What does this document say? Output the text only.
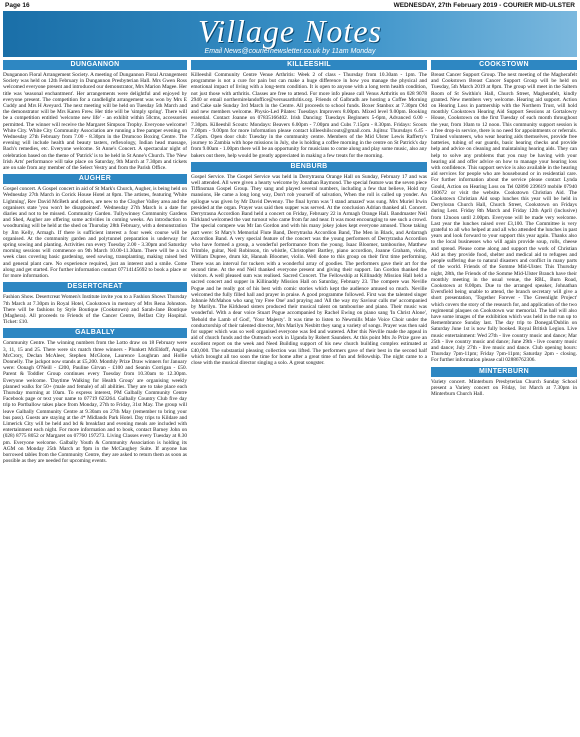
Page 16	WEDNESDAY, 27th February 2019 - COURIER MID-ULSTER
Village Notes
Email News@couriernewsletter.co.uk by 11am Monday
DUNGANNON

Dungannon Floral Arrangement Society. A meeting of Dungannon Floral Arrangement Society was held on 12th February in Dungannon Presbyterian Hall. Mrs Gwen Ross welcomed everyone present and introduced our demonstrator, Mrs Marion Magee. Her title was 'seasonal enchantment'. Her arrangements were delightful and enjoyed by everyone present. The competition for a candlelight arrangement was won by Mrs E Cuddy and Mrs H Aveyard. The next meeting will be held on Tuesday 5th March and the demonstrator will be Mrs Karen Frew. Her title will be 'simply spring'. There will be a competition entitled 'welcome new life' - an exhibit within 50cms, accessories permitted. The winner will receive the Margaret Simpson Trophy. Everyone welcome! White City. White City Community Association are running a free pamper evening on Wednesday 27th February from 7.00 - 8.30pm in the Drumcoo Boxing Centre. The evening will include health and beauty tasters, reflexology, Indian head massage, Bach's remedies, etc. Everyone welcome. St Anne's Concert. A spectacular night of celebration based on the theme of 'Patrick' is to be held in St Anne's Church. The 'New Irish Arts' performance will take place on Saturday, 9th March at 7.30pm and tickets are on sale from any member of the Select Vestry and from the Parish Office.

AUGHER

Gospel concert. A Gospel concert in aid of St Mark's Church, Augher, is being held on Wednesday 27th March in Corick House Hotel at 8pm. The artistes, featuring 'White Lightning', Rev David McBeth and others, are new to the Clogher Valley area and the organisers state 'you won't be disappointed'. Wednesday 27th March is a date for diaries and not to be missed. Community Garden. Tullywinney Community Gardens and Shed, Augher are offering some activities in coming weeks. An introduction to woodturning will be held at the shed on Thursday 28th February, with a demonstration by Jim Kelly, Armagh. If there is sufficient interest a four week course will be organised. At the community garden and polytunnel preparation is underway for spring sowing and planting. Activities run every Tuesday 2.00 - 3.30pm and Saturday morning sessions will commence on 9th March 10.00-11.30am. There will be a six week class covering basic gardening, seed sowing, transplanting, making raised bed and general plant care. No experience required, just an interest and a smile. Come along and get started. For further information contact 07714145692 to book a place or for more information.

DESERTCREAT

Fashion Show. Desertcreat Women's Institute invite you to a Fashion Shows Thursday 7th March at 7.30pm in Royal Hotel, Cookstown in memory of Mrs Rena Johnston. There will be fashions by Style Boutique (Cookstown) and Sarah-Jane Boutique (Maghera). All proceeds to Friends of the Cancer Centre, Belfast City Hospital. Ticket: £10.

GALBALLY

Community Centre. The winning numbers from the Lotto draw on 18 February were 3, 11, 15 and 25. There were six match three winners - Plunkett McEldoff, Angela McCrory, Declan McAleer, Stephen McGlone, Laurence Loughran and Hollie Donnelly. The jackpot now stands at £5,200. Monthly Prize Draw winners for January were: Oonagh O'Neill - £200, Pauline Girvan - £100 and Seanin Corrigan - £50. Parent & Toddler Group continues every Tuesday from 10.30am to 12.30pm. Everyone welcome. 'Daytime Walking for Health Group' are organising weekly planned walks for 50+ (male and female) of all abilities. They are to take place each Thursday morning at 10am. To express interest, PM Galbally Community Centre Facebook page or text your name to 07719 623264. Galbally Country Club five day trip to Portballow takes place from Monday, 27th to Friday, 31st May. The group will leave Galbally Community Centre at 9.30am on 27th May (remember to bring your bus pass). Guests are staying at the 4* Midlands Park Hotel. Day trips to Kildare and Limerick City will be held and bd & breakfast and evening meals are included with entertainment each night. For more information and to book, contact Barney John on (028) 8775 8052 or Margaret on 07760 197273. Living Classes every Tuesday at 8.30 pm. Everyone welcome. Galbally Youth & Community Association is holding its AGM on Monday 25th March at 9pm in the McCaughey Suite. If anyone has borrowed tables from the Community Centre, they are asked to return them as soon as possible as they are needed for upcoming events.

KILLEESHIL

Killeeshil Community Centre Venue Arthritis: Week 2 of class - Thursday from 10.30am - 1pm. The programme is not a cure for pain but can make a huge difference in how you manage the physical and emotional impact of living with a long-term condition. It is open to anyone with a long term health condition, not just those with arthritis. Classes are free to attend. For more info please call Venus Arthritis on 028 9078 2940 or email northernirelandoffice@versusarthritis.org. Friends of Galbradh are hosting a Coffee Morning and Cake sale Sunday 3rd March in the Centre. All proceeds to school funds. Boxer Stanbox at 7.30pm Old and new members welcome. Physio-Led Pilates: Tuesdays Improvers 8.00pm. Mixed level 9.00pm. Booking essential. Contact Joanne on 07835166402. Irish Dancing: Tuesdays Beginners 5-6pm, Advanced 6.00 - 7.30pm. Killeeshil Scouts: Mondays: Beavers 6.00pm - 7.00pm and Cubs 7.15pm - 8.30pm. Fridays: Scouts 7.00pm - 9.00pm for more information please contact killeeshilscouts@gmail.com. Jujitsu: Thursdays 6.45 - 7.45pm. Open door club: Tuesday in the community centre. Members of the Mid Ulster Lewis Rafferty's journey to Zambia with hope missions in July, she is holding a coffee morning in the centre on St Patrick's day from 9.00am - 1.00pm there will be an opportunity for musicians to come along and play some music, also any bakers out there, help would be greatly appreciated in making a few treats for the morning.

BENBURB

Gospel Service. The Gospel Service was held in Derrytrasna Orange Hall on Sunday, February 17 and was well attended. All were given a hearty welcome by Jonathan Raymond. The special feature was the seven piece Tiffinsman Gospel Group. They sang and played several numbers, including a few that believe, Hold my mansions, He came a long long way, Don't rob yourself of salvation, When the roll is called up yonder. An epilogue was given by Mr David Devenny. The final hymn was 'I stand amazed' was sung. Mrs Muriel Irwin presided at the organ. Prayer was said then supper was served. At the conclusion Adrian thanked all. Concert. Derrytrasna Accordion Band held a concert on Friday, February 22 in Armagh Orange Hall. Bandmaster Neil Kirkland welcomed the vast turnout who came from far and near. It was most encouraging to see such a crowd. The special compere was Mr Ian Gordon and with his many jokey jokes kept everyone amused. Those taking part were: St Mary's Memorial Flute Band, Derrytrasha Accordion Band, The Men in Black, and Ardarragh Accordion Band. A very special feature of the concert was the young performers of Derrytrasha Accordion who have formed a group, a wonderful performance from the young. Isaac Bloomer, tambourine, Matthew Trimble, guitar, Neil Robinson, tin whistle, Christopher Bartley, piano accordion, Joanne Graham, violin, William Dupree, drum kit, Hannah Bloomer, violin. Well done to this group on their first time performing. There was an interval for tuckers with a wonderful array of goodies. The performers gave their art for the second time. At the end Neil thanked everyone present and giving their support. Ian Gordon thanked the visitors. A well pleased sum was realised. Sacred Concert. The Fellowship at Killinaddy Mission Hall held a sacred concert and supper in Killinaddy Mission Hall on Saturday, February 23. The compere was Neville Pogue and he really got of his best with comic stories which kept the audience amused so much. Neville welcomed the fully filled hall and prayer in praise. A good programme followed. First was the talented singer Johnnie McMahon who sang 'my Free One' and praying and 'All the way my Saviour calls me' accompanied by Marilyn. The Kirkhead sisters produced their musical talent on tambourine and piano. Their music was wonderful. With a dear voice Stuart Pogue accompanied by Rachel Ewing on piano sang 'In Christ Alone', 'Behold the Lamb of God', 'Your Majesty'. It was time to listen to Newmills Male Voice Choir under the conductorship of their talented director, Mrs Marilyn Nesbitt they sang a variety of songs. Prayer was then said for supper which was so well organised everyone was fed and watered. After this Neville made the appeal in aid of church funds and the Outreach work in Uganda by Robert Saunders. At this point Mrs Jo Prize gave an excellent report on the week and Need Building support of his new church building complex estimated at £40,000. The substantial pleasing collection was lifted. The performers gave of their best in the second half which brought all too soon the time for home after a great time of fun and fellowship. The night came to a close with the musical director singing a solo. A great songster.

COOKSTOWN

Breast Cancer Support Group. The next meeting of the Magherafelt and Cookstown Breast Cancer Support Group will be held on Tuesday, 5th March 2019 at 8pm. The group will meet in the Saltern Room of St Swithin's Hall, Church Street, Magherafelt, kindly granted. New members very welcome. Hearing aid support. Action on Hearing Loss in partnership with the Northern Trust, will hold monthly Cookstown Hearing Aid Support Sessions at Gortalowry House, Cookstown on the first Tuesday of each month throughout the year, from 10am to 12 noon. This community support session is a free drop-in service, there is no need for appointments or referrals. Trained volunteers, who wear hearing aids themselves, provide free batteries, tubing of ear guards, basic hearing checks and provide help and advice on cleaning and maintaining hearing aids. They can help to solve any problems that you may be having with your hearing aid and offer advice on how to manage your hearing loss with confidence. This support service is also available in the hearing aid services for people who are housebound or in residential care. For further information about the service please contact Lynda Gould, Action on Hearing Loss on Tel 02890 239619 mobile 07940 160672 or visit the website. Cookstown Christian Aid. The Cookstown Christian Aid soup lunches this year will be held in Derryloran Church Hall, Church Street, Cookstown on Fridays during Lent. Friday 8th March and Friday 12th April (inclusive) from 12noon until 2.00pm. Everyone will be made very welcome. Last year the lunches raised over £3,100. The Committee is very grateful to all who helped at and all who attended the lunches in past years and look forward to your support this year again. Thanks also to the local businesses who will again provide soup, rolls, cheese and spread. Please come along and support the work of Christian Aid as they provide food, shelter and medical aid to refugees and people suffering due to natural disasters and conflict in many parts of the world. Friends of the Somme Mid-Ulster. This Thursday night, 28th, the Friends of the Somme Mid-Ulster Branch have their monthly meeting in the usual venue, the RBL, Burn Road, Cookstown at 8.00pm. Due to the arranged speaker, Johnathan Eversfield being unable to attend, the branch secretary will give a short presentation, 'Together Forever - The Greenlight Project' which covers the story of the research for, and application of the two regimental plaques on Cookstown war memorial. The hall will also have some images of the exhibition which was held in the run up to Remembrance Sunday last. The day trip to Donegal/Dublin on Saturday June 1st is now fully booked. Royal British Legion. Live music entertainment: Wed 27th - live country music and dance; Mar 25th - live country music and dance; June 29th - live country music and dance; July 27th - live music and dance. Club opening hours: Thursday 7pm-11pm; Friday 7pm-11pm; Saturday 2pm - closing. For further information please call 02886762306.

MINTERBURN

Variety concert. Minterburn Presbyterian Church Sunday School present a Variety concert on Friday, 1st March at 7.30pm in Minterburn Church Hall.
